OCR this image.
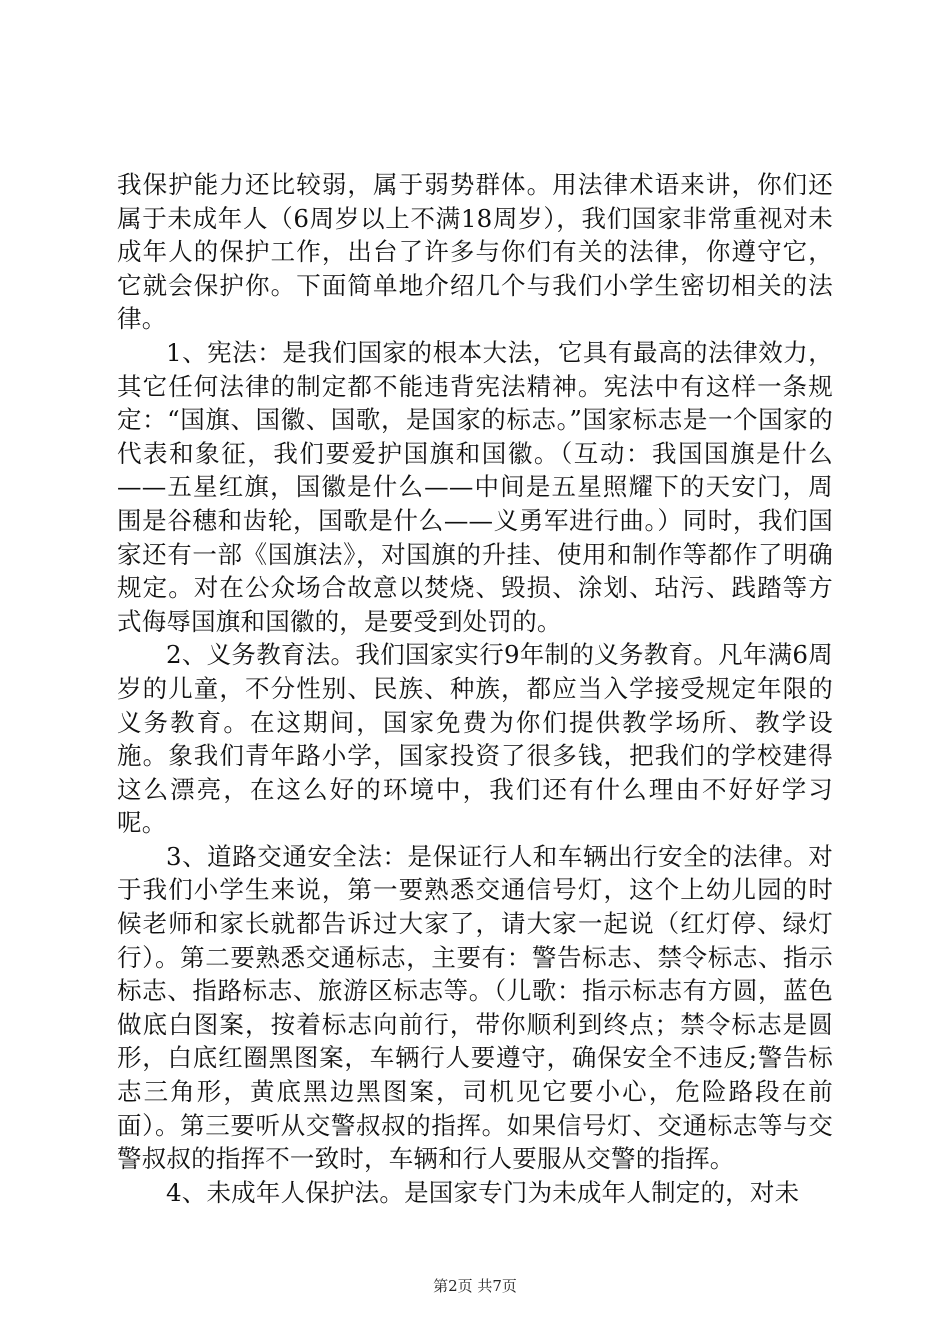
我保护能力还比较弱，属于弱势群体。用法律术语来讲，你们还属于未成年人（6周岁以上不满18周岁），我们国家非常重视对未成年人的保护工作，出台了许多与你们有关的法律，你遵守它，它就会保护你。下面简单地介绍几个与我们小学生密切相关的法律。

1、宪法：是我们国家的根本大法，它具有最高的法律效力，其它任何法律的制定都不能违背宪法精神。宪法中有这样一条规定：“国旗、国徽、国歌，是国家的标志。”国家标志是一个国家的代表和象征，我们要爱护国旗和国徽。（互动：我国国旗是什么——五星红旗，国徽是什么——中间是五星照耀下的天安门，周围是谷穗和齿轮，国歌是什么——义勇军进行曲。）同时，我们国家还有一部《国旗法》，对国旗的升挂、使用和制作等都作了明确规定。对在公众场合故意以焚烧、毁损、涂划、玷污、践踏等方式侮辱国旗和国徽的，是要受到处罚的。

2、义务教育法。我们国家实行9年制的义务教育。凡年满6周岁的儿童，不分性别、民族、种族，都应当入学接受规定年限的义务教育。在这期间，国家免费为你们提供教学场所、教学设施。象我们青年路小学，国家投资了很多钱，把我们的学校建得这么漂亮，在这么好的环境中，我们还有什么理由不好好学习呢。

3、道路交通安全法：是保证行人和车辆出行安全的法律。对于我们小学生来说，第一要熟悉交通信号灯，这个上幼儿园的时候老师和家长就都告诉过大家了，请大家一起说（红灯停、绿灯行）。第二要熟悉交通标志，主要有：警告标志、禁令标志、指示标志、指路标志、旅游区标志等。（儿歌：指示标志有方圆，蓝色做底白图案，按着标志向前行，带你顺利到终点；禁令标志是圆形，白底红圈黑图案，车辆行人要遵守，确保安全不违反;警告标志三角形，黄底黑边黑图案，司机见它要小心，危险路段在前面）。第三要听从交警叔叔的指挥。如果信号灯、交通标志等与交警叔叔的指挥不一致时，车辆和行人要服从交警的指挥。

4、未成年人保护法。是国家专门为未成年人制定的，对未

第2页 共7页
